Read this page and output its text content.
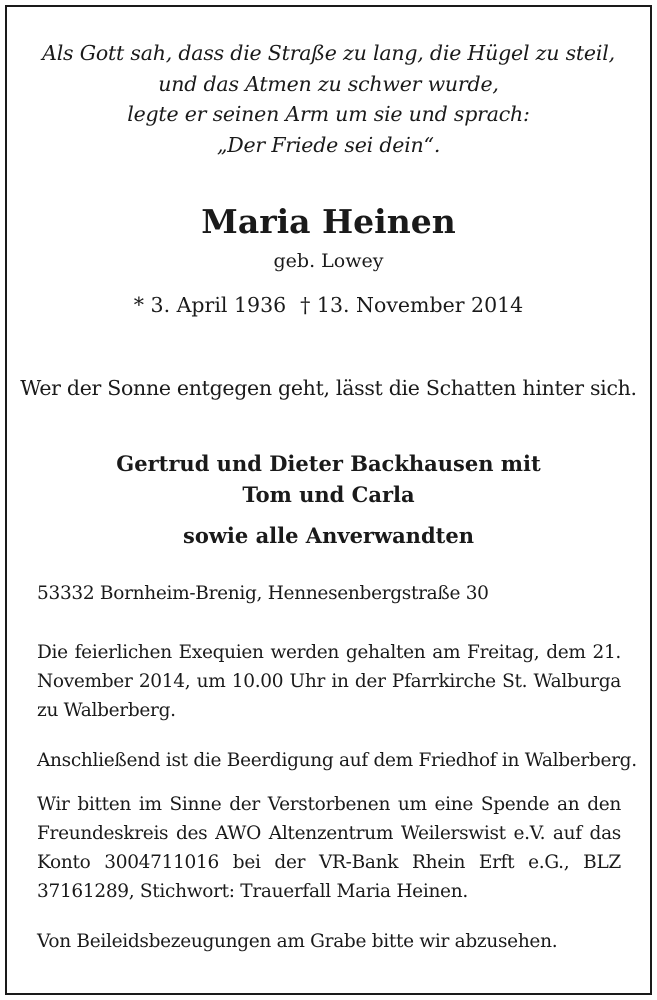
Als Gott sah, dass die Straße zu lang, die Hügel zu steil,
und das Atmen zu schwer wurde,
legte er seinen Arm um sie und sprach:
„Der Friede sei dein“.
Maria Heinen
geb. Lowey
* 3. April 1936 † 13. November 2014
Wer der Sonne entgegen geht, lässt die Schatten hinter sich.
Gertrud und Dieter Backhausen mit
Tom und Carla
sowie alle Anverwandten
53332 Bornheim-Brenig, Hennesenbergstraße 30
Die feierlichen Exequien werden gehalten am Freitag, dem 21. November 2014, um 10.00 Uhr in der Pfarrkirche St. Walburga zu Walberberg.
Anschließend ist die Beerdigung auf dem Friedhof in Walberberg.
Wir bitten im Sinne der Verstorbenen um eine Spende an den Freundeskreis des AWO Altenzentrum Weilerswist e.V. auf das Konto 3004711016 bei der VR-Bank Rhein Erft e.G., BLZ 37161289, Stichwort: Trauerfall Maria Heinen.
Von Beileidsbezeugungen am Grabe bitte wir abzusehen.
